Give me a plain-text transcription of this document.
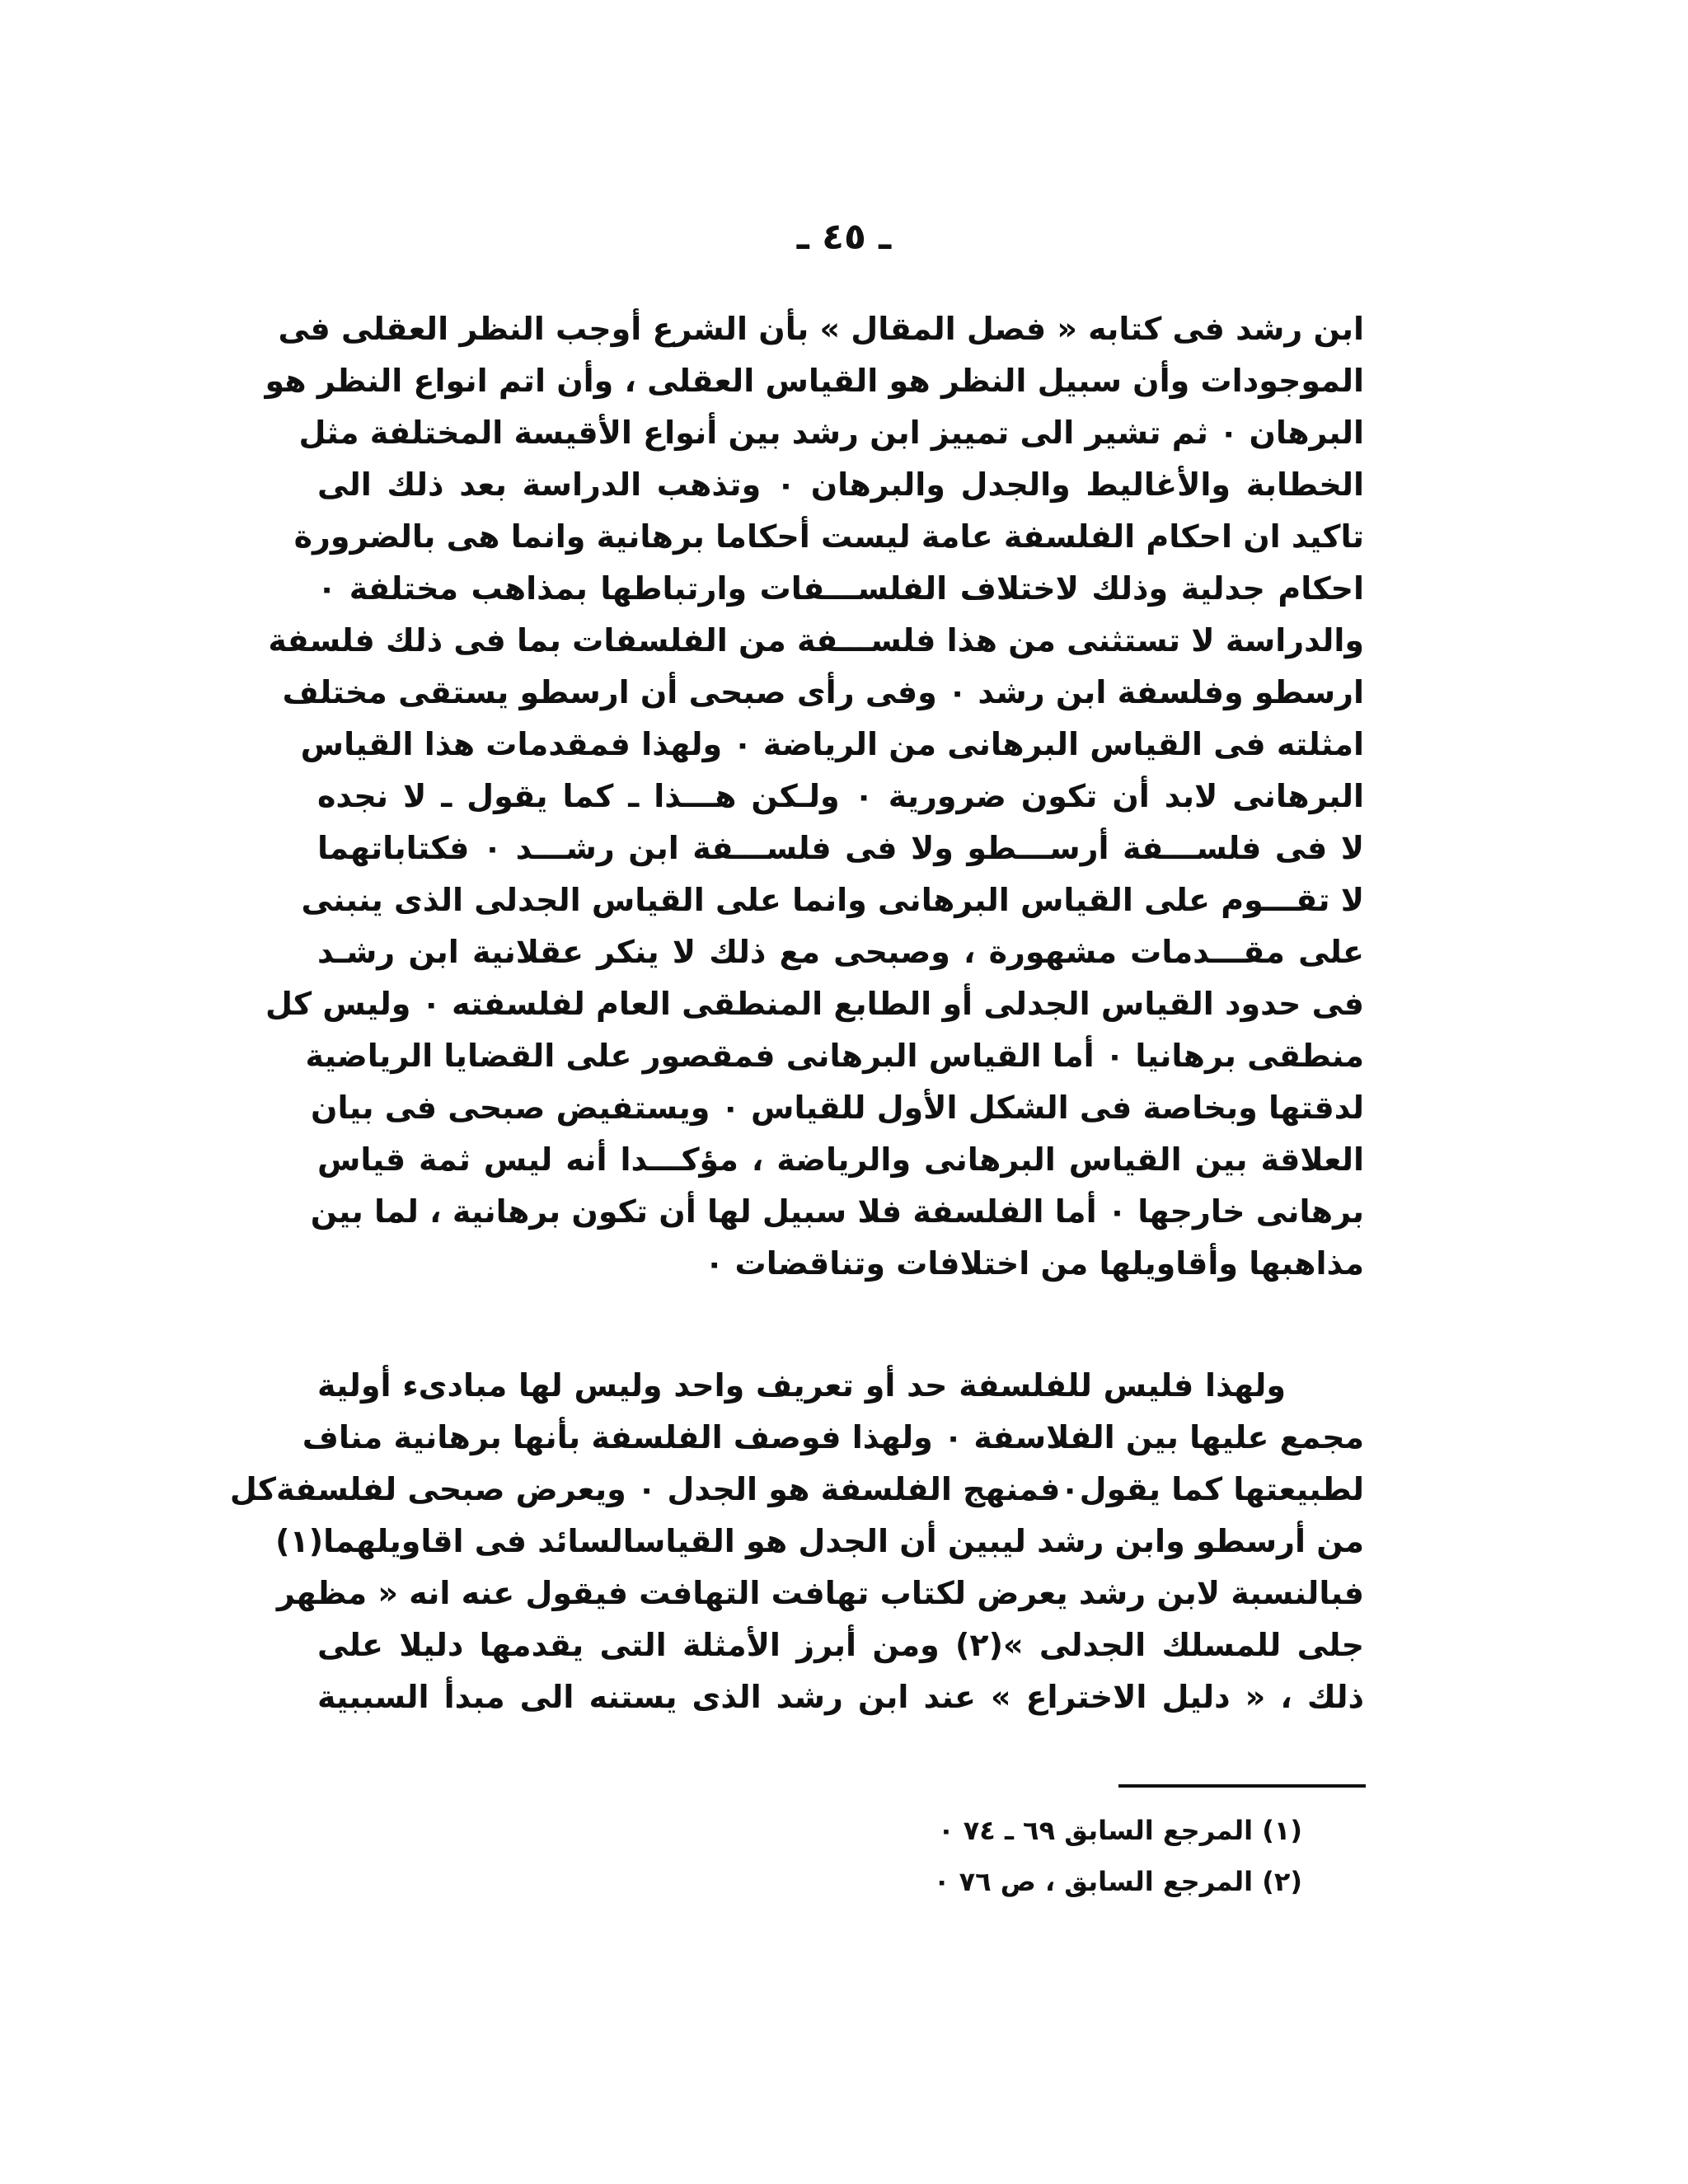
ـ ٤٥ ـ
ابن رشد فى كتابه « فصل المقال » بأن الشرع أوجب النظر العقلى فى
الموجودات وأن سبيل النظر هو القياس العقلى ، وأن اتم انواع النظر هو
البرهان ٠ ثم تشير الى تمييز ابن رشد بين أنواع الأقيسة المختلفة مثل
الخطابة والأغاليط والجدل والبرهان ٠ وتذهب الدراسة بعد ذلك الى
تاكيد ان احكام الفلسفة عامة ليست أحكاما برهانية وانما هى بالضرورة
احكام جدلية وذلك لاختلاف الفلســـفات وارتباطها بمذاهب مختلفة ٠
والدراسة لا تستثنى من هذا فلســـفة من الفلسفات بما فى ذلك فلسفة
ارسطو وفلسفة ابن رشد ٠ وفى رأى صبحى أن ارسطو يستقى مختلف
امثلته فى القياس البرهانى من الرياضة ٠ ولهذا فمقدمات هذا القياس
البرهانى لابد أن تكون ضرورية ٠ ولـكن هـــذا ـ كما يقول ـ لا نجده
لا فى فلســـفة أرســـطو ولا فى فلســـفة ابن رشـــد ٠ فكتاباتهما
لا تقـــوم على القياس البرهانى وانما على القياس الجدلى الذى ينبنى
على مقـــدمات مشهورة ، وصبحى مع ذلك لا ينكر عقلانية ابن رشـد
فى حدود القياس الجدلى أو الطابع المنطقى العام لفلسفته ٠ وليس كل
منطقى برهانيا ٠ أما القياس البرهانى فمقصور على القضايا الرياضية
لدقتها وبخاصة فى الشكل الأول للقياس ٠ ويستفيض صبحى فى بيان
العلاقة بين القياس البرهانى والرياضة ، مؤكـــدا أنه ليس ثمة قياس
برهانى خارجها ٠ أما الفلسفة فلا سبيل لها أن تكون برهانية ، لما بين
مذاهبها وأقاويلها من اختلافات وتناقضات ٠
ولهذا فليس للفلسفة حد أو تعريف واحد وليس لها مبادىء أولية
مجمع عليها بين الفلاسفة ٠ ولهذا فوصف الفلسفة بأنها برهانية مناف
لطبيعتها كما يقول٠فمنهج الفلسفة هو الجدل ٠ ويعرض صبحى لفلسفةكل
من أرسطو وابن رشد ليبين أن الجدل هو القياسالسائد فى اقاويلهما(١)
فبالنسبة لابن رشد يعرض لكتاب تهافت التهافت فيقول عنه انه « مظهر
جلى للمسلك الجدلى »(٢) ومن أبرز الأمثلة التى يقدمها دليلا على
ذلك ، « دليل الاختراع » عند ابن رشد الذى يستنه الى مبدأ السببية
(١) المرجع السابق ٦٩ ـ ٧٤ ٠
(٢) المرجع السابق ، ص ٧٦ ٠
